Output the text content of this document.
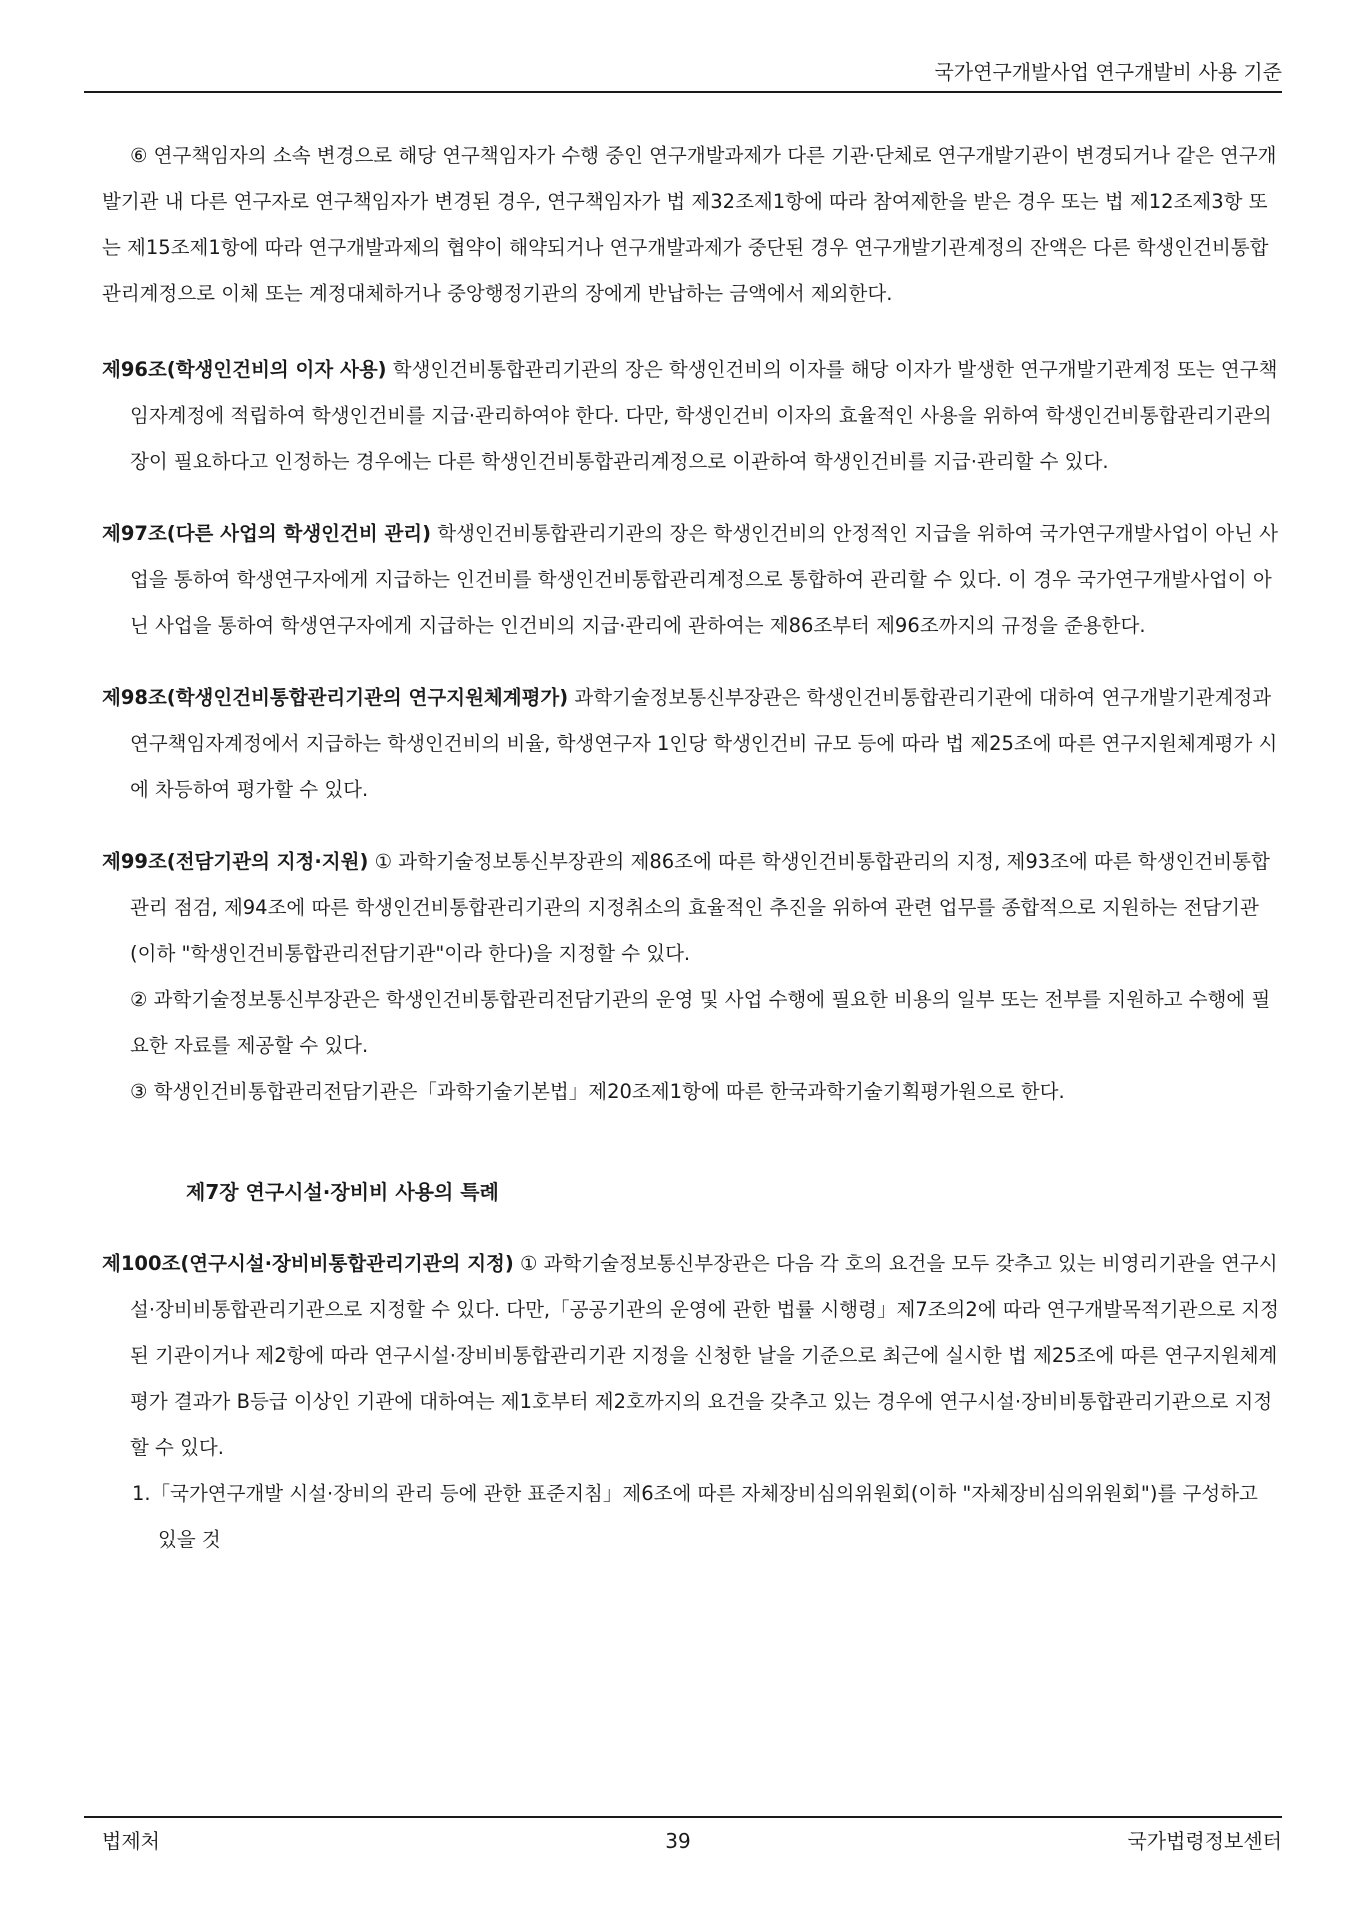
국가연구개발사업 연구개발비 사용 기준

⑥ 연구책임자의 소속 변경으로 해당 연구책임자가 수행 중인 연구개발과제가 다른 기관·단체로 연구개발기관이 변경되거나 같은 연구개발기관 내 다른 연구자로 연구책임자가 변경된 경우, 연구책임자가 법 제32조제1항에 따라 참여제한을 받은 경우 또는 법 제12조제3항 또는 제15조제1항에 따라 연구개발과제의 협약이 해약되거나 연구개발과제가 중단된 경우 연구개발기관계정의 잔액은 다른 학생인건비통합관리계정으로 이체 또는 계정대체하거나 중앙행정기관의 장에게 반납하는 금액에서 제외한다.

제96조(학생인건비의 이자 사용) 학생인건비통합관리기관의 장은 학생인건비의 이자를 해당 이자가 발생한 연구개발기관계정 또는 연구책임자계정에 적립하여 학생인건비를 지급·관리하여야 한다. 다만, 학생인건비 이자의 효율적인 사용을 위하여 학생인건비통합관리기관의 장이 필요하다고 인정하는 경우에는 다른 학생인건비통합관리계정으로 이관하여 학생인건비를 지급·관리할 수 있다.

제97조(다른 사업의 학생인건비 관리) 학생인건비통합관리기관의 장은 학생인건비의 안정적인 지급을 위하여 국가연구개발사업이 아닌 사업을 통하여 학생연구자에게 지급하는 인건비를 학생인건비통합관리계정으로 통합하여 관리할 수 있다. 이 경우 국가연구개발사업이 아닌 사업을 통하여 학생연구자에게 지급하는 인건비의 지급·관리에 관하여는 제86조부터 제96조까지의 규정을 준용한다.

제98조(학생인건비통합관리기관의 연구지원체계평가) 과학기술정보통신부장관은 학생인건비통합관리기관에 대하여 연구개발기관계정과 연구책임자계정에서 지급하는 학생인건비의 비율, 학생연구자 1인당 학생인건비 규모 등에 따라 법 제25조에 따른 연구지원체계평가 시에 차등하여 평가할 수 있다.

제99조(전담기관의 지정·지원) ① 과학기술정보통신부장관의 제86조에 따른 학생인건비통합관리의 지정, 제93조에 따른 학생인건비통합관리 점검, 제94조에 따른 학생인건비통합관리기관의 지정취소의 효율적인 추진을 위하여 관련 업무를 종합적으로 지원하는 전담기관(이하 "학생인건비통합관리전담기관"이라 한다)을 지정할 수 있다.

② 과학기술정보통신부장관은 학생인건비통합관리전담기관의 운영 및 사업 수행에 필요한 비용의 일부 또는 전부를 지원하고 수행에 필요한 자료를 제공할 수 있다.

③ 학생인건비통합관리전담기관은「과학기술기본법」제20조제1항에 따른 한국과학기술기획평가원으로 한다.

제7장 연구시설·장비비 사용의 특례

제100조(연구시설·장비비통합관리기관의 지정) ① 과학기술정보통신부장관은 다음 각 호의 요건을 모두 갖추고 있는 비영리기관을 연구시설·장비비통합관리기관으로 지정할 수 있다. 다만,「공공기관의 운영에 관한 법률 시행령」제7조의2에 따라 연구개발목적기관으로 지정된 기관이거나 제2항에 따라 연구시설·장비비통합관리기관 지정을 신청한 날을 기준으로 최근에 실시한 법 제25조에 따른 연구지원체계평가 결과가 B등급 이상인 기관에 대하여는 제1호부터 제2호까지의 요건을 갖추고 있는 경우에 연구시설·장비비통합관리기관으로 지정할 수 있다.

1.「국가연구개발 시설·장비의 관리 등에 관한 표준지침」제6조에 따른 자체장비심의위원회(이하 "자체장비심의위원회")를 구성하고 있을 것

법제처	39	국가법령정보센터
